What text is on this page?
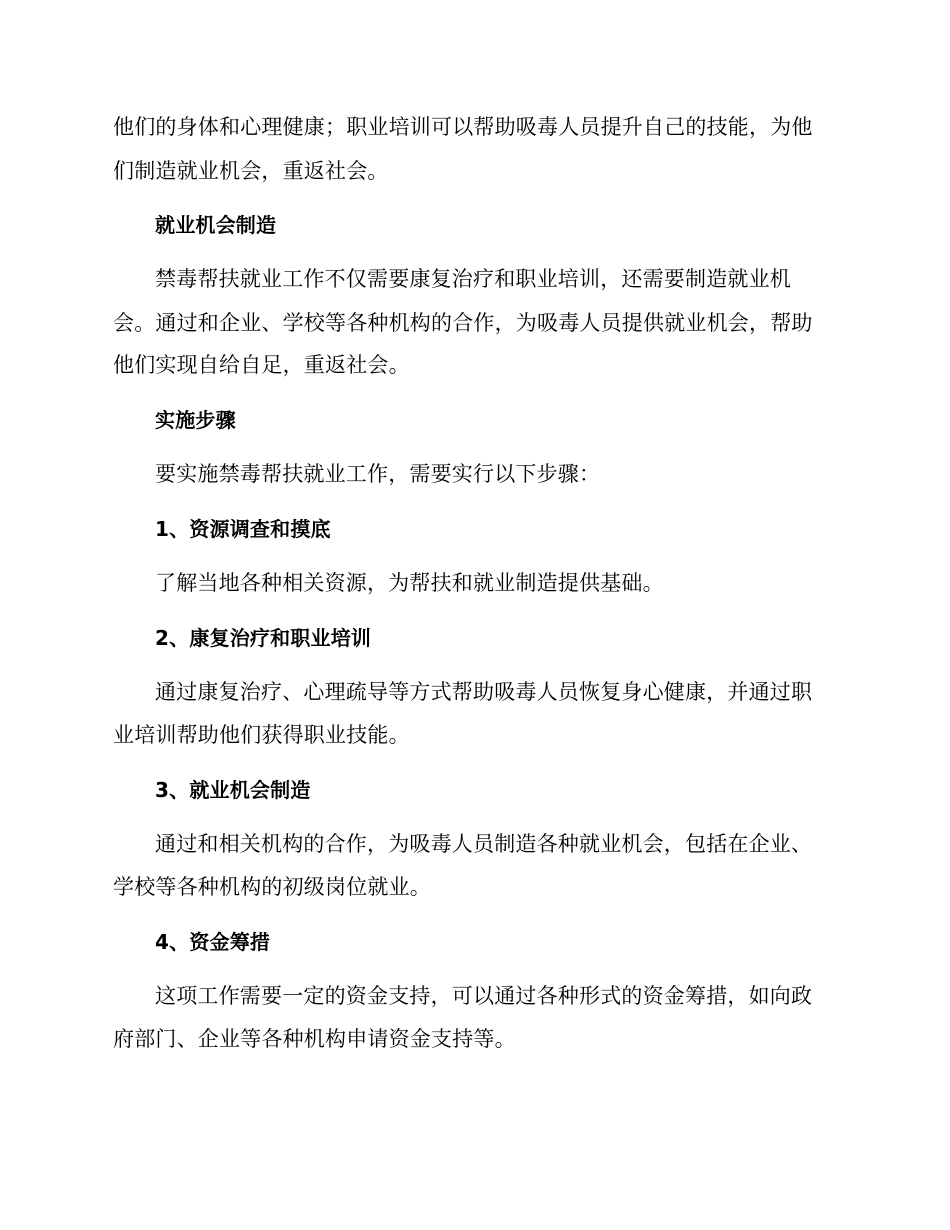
他们的身体和心理健康；职业培训可以帮助吸毒人员提升自己的技能，为他
们制造就业机会，重返社会。
就业机会制造
禁毒帮扶就业工作不仅需要康复治疗和职业培训，还需要制造就业机
会。通过和企业、学校等各种机构的合作，为吸毒人员提供就业机会，帮助
他们实现自给自足，重返社会。
实施步骤
要实施禁毒帮扶就业工作，需要实行以下步骤：
1、资源调查和摸底
了解当地各种相关资源，为帮扶和就业制造提供基础。
2、康复治疗和职业培训
通过康复治疗、心理疏导等方式帮助吸毒人员恢复身心健康，并通过职
业培训帮助他们获得职业技能。
3、就业机会制造
通过和相关机构的合作，为吸毒人员制造各种就业机会，包括在企业、
学校等各种机构的初级岗位就业。
4、资金筹措
这项工作需要一定的资金支持，可以通过各种形式的资金筹措，如向政
府部门、企业等各种机构申请资金支持等。
